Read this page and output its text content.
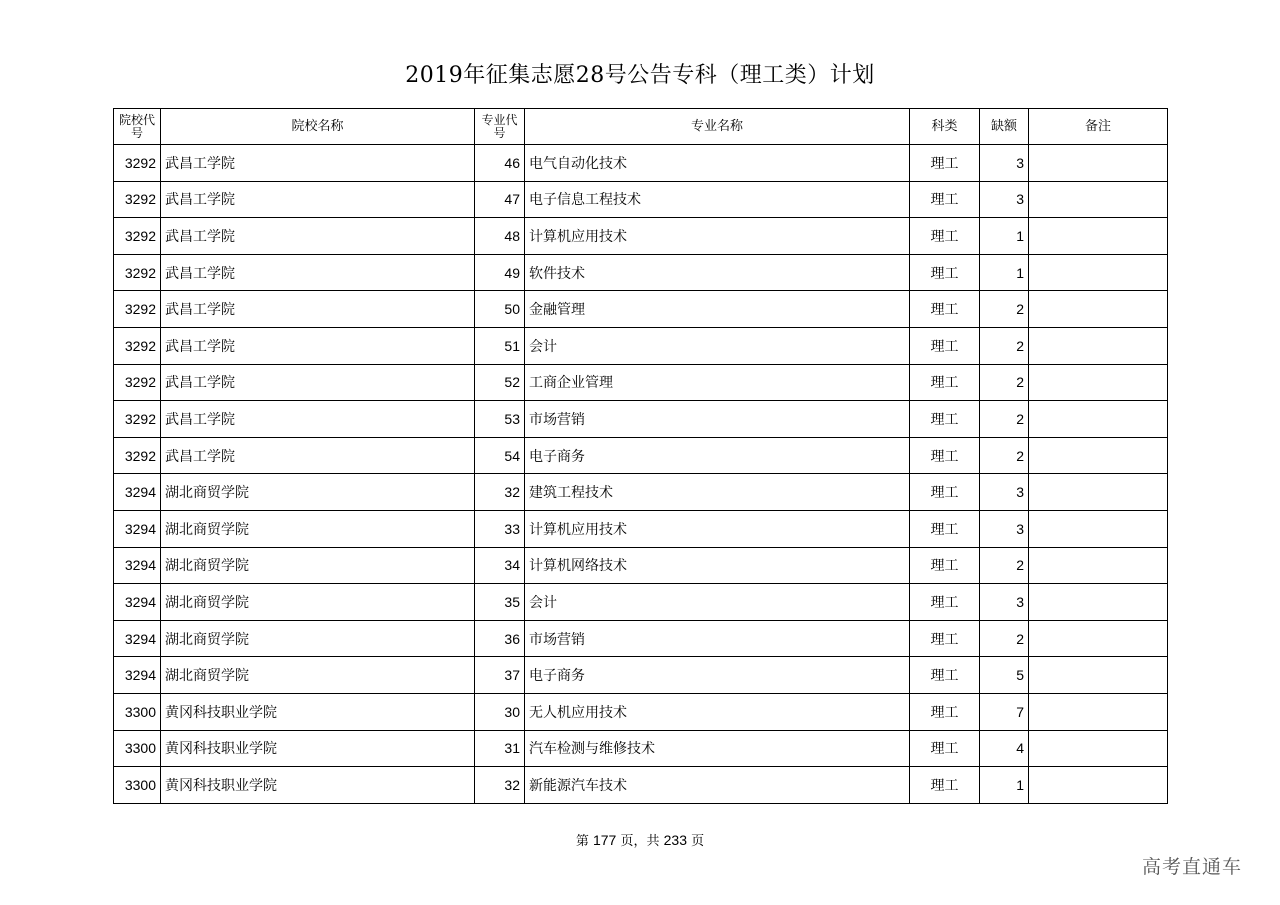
2019年征集志愿28号公告专科（理工类）计划
院校代号	院校名称	专业代号	专业名称	科类	缺额	备注
3292	武昌工学院	46	电气自动化技术	理工	3	
3292	武昌工学院	47	电子信息工程技术	理工	3	
3292	武昌工学院	48	计算机应用技术	理工	1	
3292	武昌工学院	49	软件技术	理工	1	
3292	武昌工学院	50	金融管理	理工	2	
3292	武昌工学院	51	会计	理工	2	
3292	武昌工学院	52	工商企业管理	理工	2	
3292	武昌工学院	53	市场营销	理工	2	
3292	武昌工学院	54	电子商务	理工	2	
3294	湖北商贸学院	32	建筑工程技术	理工	3	
3294	湖北商贸学院	33	计算机应用技术	理工	3	
3294	湖北商贸学院	34	计算机网络技术	理工	2	
3294	湖北商贸学院	35	会计	理工	3	
3294	湖北商贸学院	36	市场营销	理工	2	
3294	湖北商贸学院	37	电子商务	理工	5	
3300	黄冈科技职业学院	30	无人机应用技术	理工	7	
3300	黄冈科技职业学院	31	汽车检测与维修技术	理工	4	
3300	黄冈科技职业学院	32	新能源汽车技术	理工	1	
第 177 页，共 233 页
高考直通车
